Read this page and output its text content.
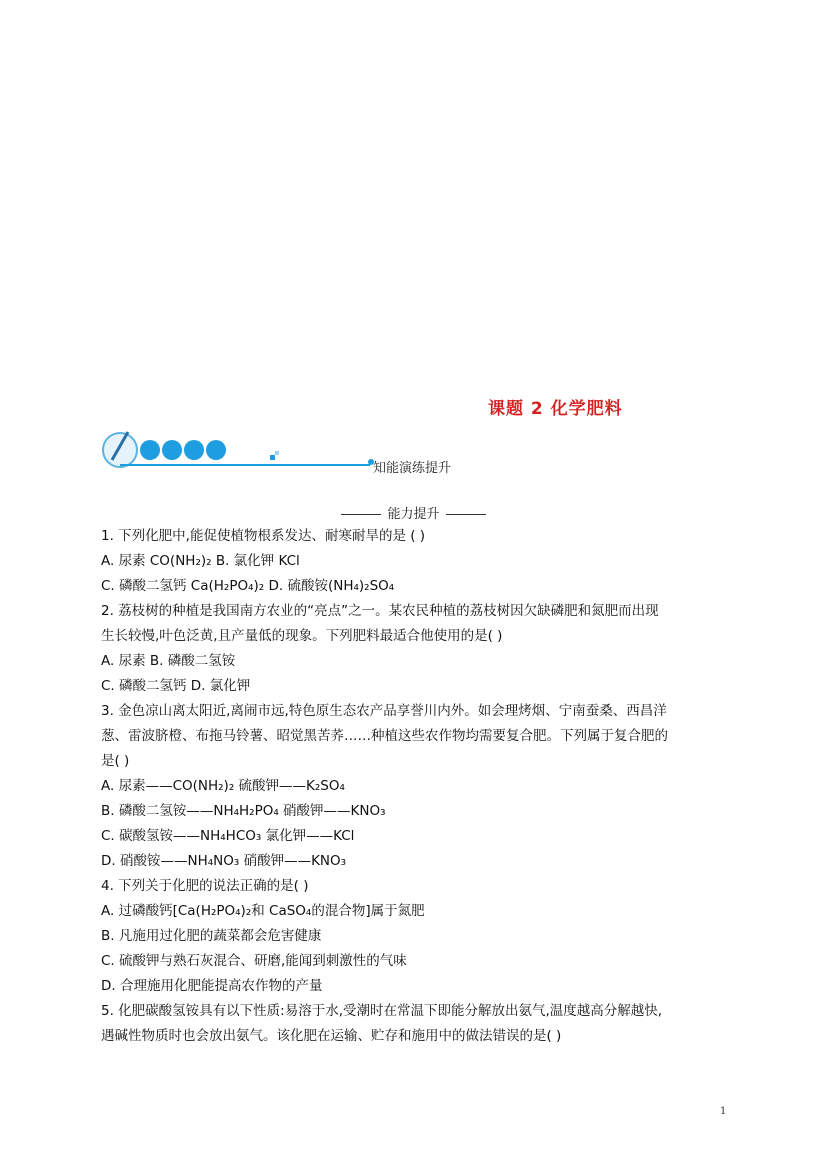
课题 2 化学肥料
知能演练提升
能力提升

1. 下列化肥中,能促使植物根系发达、耐寒耐旱的是 ( )

A. 尿素 CO(NH₂)₂ B. 氯化钾 KCl

C. 磷酸二氢钙 Ca(H₂PO₄)₂ D. 硫酸铵(NH₄)₂SO₄

2. 荔枝树的种植是我国南方农业的“亮点”之一。某农民种植的荔枝树因欠缺磷肥和氮肥而出现

生长较慢,叶色泛黄,且产量低的现象。下列肥料最适合他使用的是( )

A. 尿素 B. 磷酸二氢铵

C. 磷酸二氢钙 D. 氯化钾

3. 金色凉山离太阳近,离闹市远,特色原生态农产品享誉川内外。如会理烤烟、宁南蚕桑、西昌洋

葱、雷波脐橙、布拖马铃薯、昭觉黑苦荞……种植这些农作物均需要复合肥。下列属于复合肥的

是( )

A. 尿素——CO(NH₂)₂ 硫酸钾——K₂SO₄

B. 磷酸二氢铵——NH₄H₂PO₄ 硝酸钾——KNO₃

C. 碳酸氢铵——NH₄HCO₃ 氯化钾——KCl

D. 硝酸铵——NH₄NO₃ 硝酸钾——KNO₃

4. 下列关于化肥的说法正确的是( )

A. 过磷酸钙[Ca(H₂PO₄)₂和 CaSO₄的混合物]属于氮肥

B. 凡施用过化肥的蔬菜都会危害健康

C. 硫酸钾与熟石灰混合、研磨,能闻到刺激性的气味

D. 合理施用化肥能提高农作物的产量

5. 化肥碳酸氢铵具有以下性质:易溶于水,受潮时在常温下即能分解放出氨气,温度越高分解越快,

遇碱性物质时也会放出氨气。该化肥在运输、贮存和施用中的做法错误的是( )

1
